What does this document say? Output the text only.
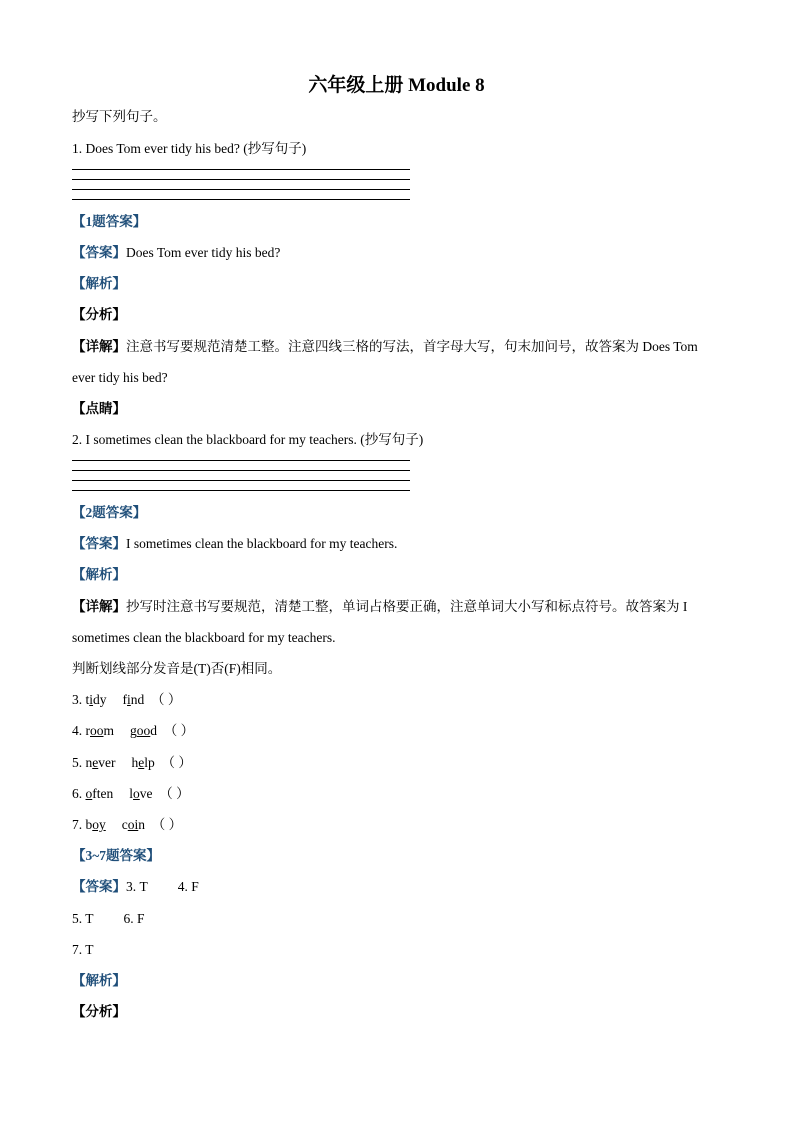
六年级上册 Module 8
抄写下列句子。
1. Does Tom ever tidy his bed? (抄写句子)
【1题答案】
【答案】Does Tom ever tidy his bed?
【解析】
【分析】
【详解】注意书写要规范清楚工整。注意四线三格的写法，首字母大写，句末加问号，故答案为 Does Tom ever tidy his bed?
【点睛】
2. I sometimes clean the blackboard for my teachers. (抄写句子)
【2题答案】
【答案】I sometimes clean the blackboard for my teachers.
【解析】
【详解】抄写时注意书写要规范，清楚工整，单词占格要正确，注意单词大小写和标点符号。故答案为 I sometimes clean the blackboard for my teachers.
判断划线部分发音是(T)否(F)相同。
3. tidy find （ ）
4. room good （ ）
5. never help （ ）
6. often love （ ）
7. boy coin （ ）
【3~7题答案】
【答案】3. T 4. F
5. T 6. F
7. T
【解析】
【分析】
